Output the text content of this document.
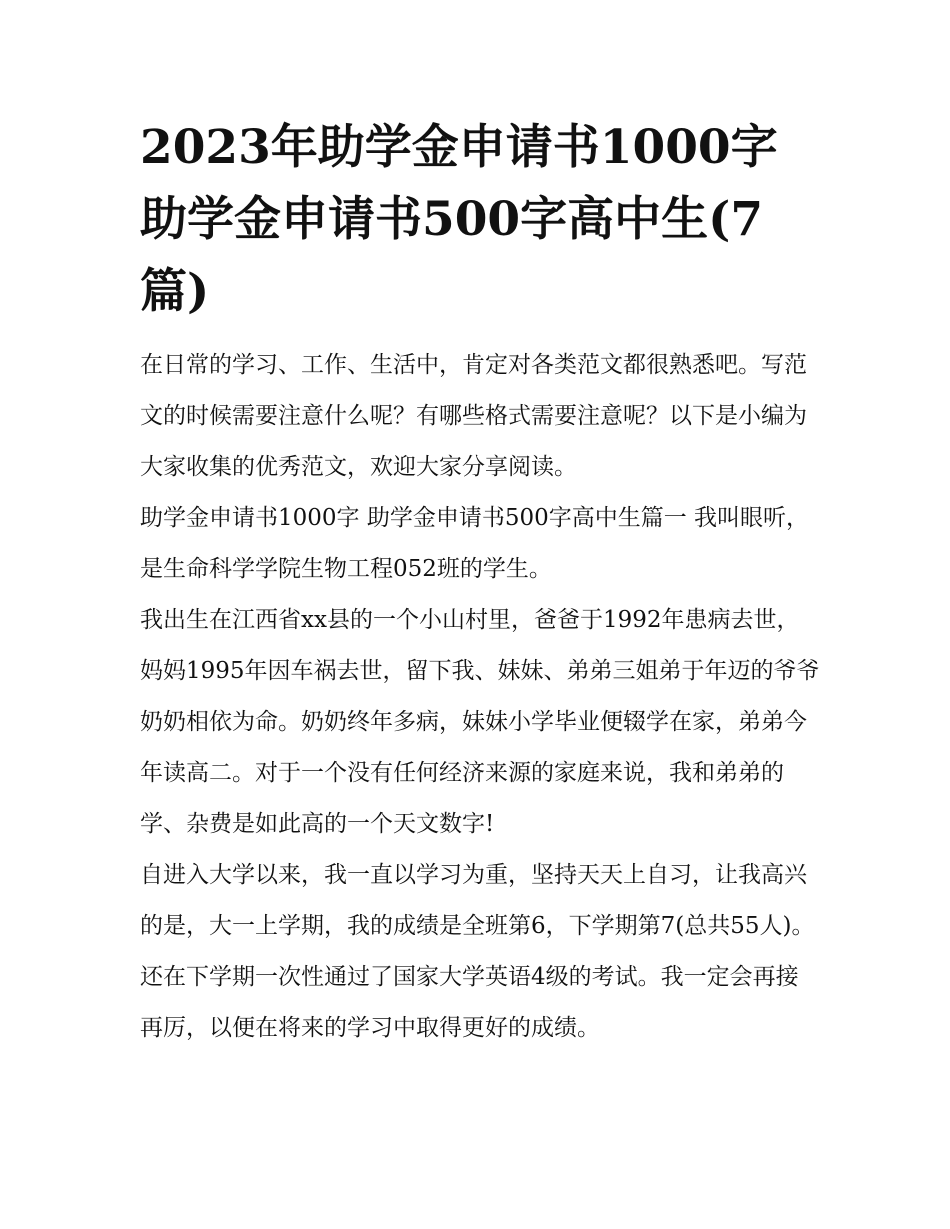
2023年助学金申请书1000字 助学金申请书500字高中生(7篇)

在日常的学习、工作、生活中，肯定对各类范文都很熟悉吧。写范文的时候需要注意什么呢？有哪些格式需要注意呢？以下是小编为大家收集的优秀范文，欢迎大家分享阅读。

助学金申请书1000字 助学金申请书500字高中生篇一 我叫眼听，是生命科学学院生物工程052班的学生。

我出生在江西省xx县的一个小山村里，爸爸于1992年患病去世，妈妈1995年因车祸去世，留下我、妹妹、弟弟三姐弟于年迈的爷爷奶奶相依为命。奶奶终年多病，妹妹小学毕业便辍学在家，弟弟今年读高二。对于一个没有任何经济来源的家庭来说，我和弟弟的学、杂费是如此高的一个天文数字!

自进入大学以来，我一直以学习为重，坚持天天上自习，让我高兴的是，大一上学期，我的成绩是全班第6，下学期第7(总共55人)。还在下学期一次性通过了国家大学英语4级的考试。我一定会再接再厉，以便在将来的学习中取得更好的成绩。
